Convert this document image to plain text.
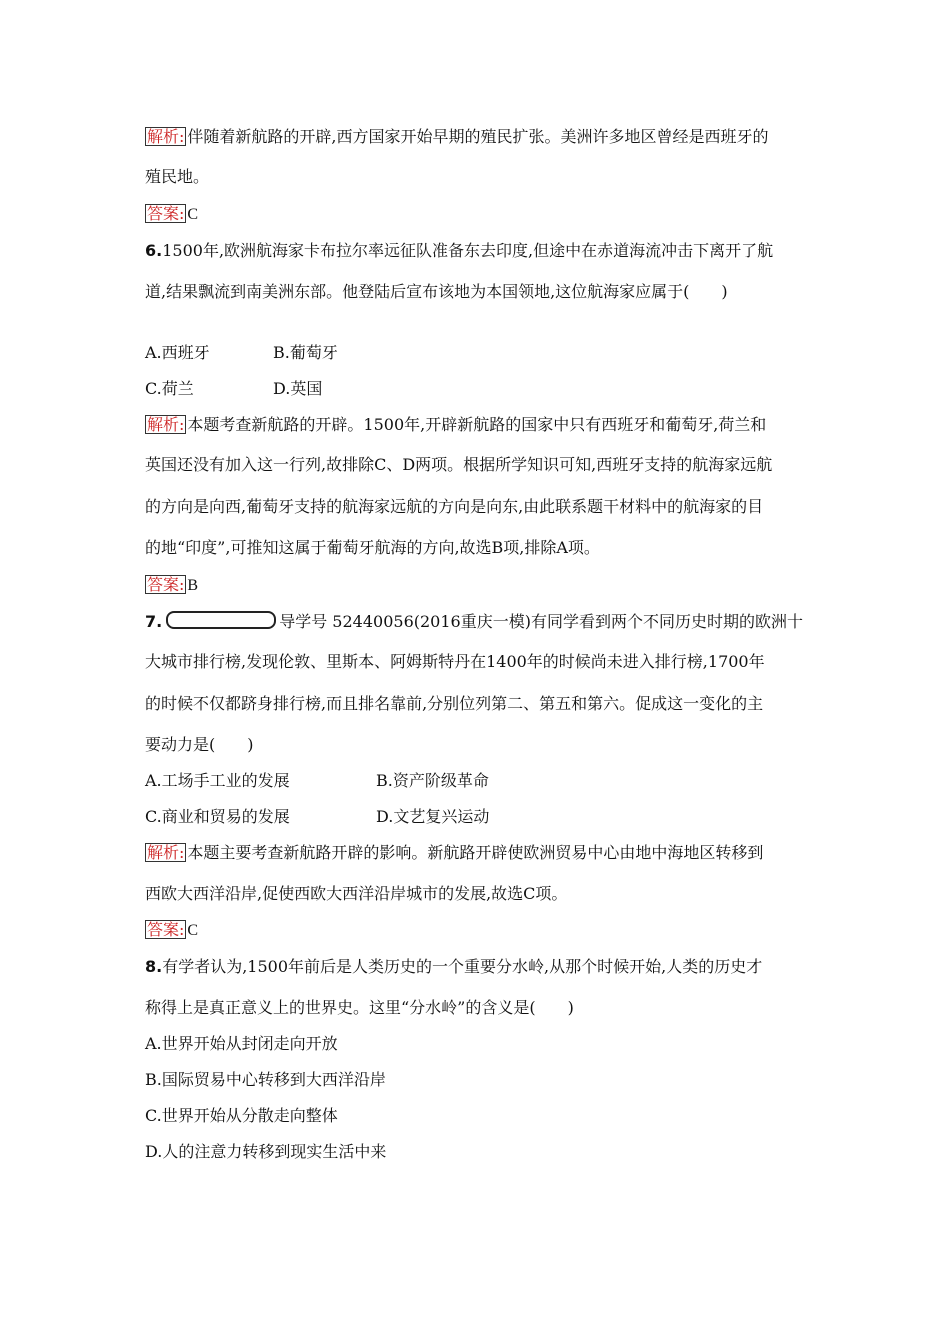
解析: 伴随着新航路的开辟,西方国家开始早期的殖民扩张。美洲许多地区曾经是西班牙的
殖民地。
答案: C
6.1500年,欧洲航海家卡布拉尔率远征队准备东去印度,但途中在赤道海流冲击下离开了航
道,结果飘流到南美洲东部。他登陆后宣布该地为本国领地,这位航海家应属于(　　)
A.西班牙	B.葡萄牙
C.荷兰	D.英国
解析: 本题考查新航路的开辟。1500年,开辟新航路的国家中只有西班牙和葡萄牙,荷兰和
英国还没有加入这一行列,故排除C、D两项。根据所学知识可知,西班牙支持的航海家远航
的方向是向西,葡萄牙支持的航海家远航的方向是向东,由此联系题干材料中的航海家的目
的地“印度”,可推知这属于葡萄牙航海的方向,故选B项,排除A项。
答案: B
7.	导学号 52440056(2016重庆一模)有同学看到两个不同历史时期的欧洲十
大城市排行榜,发现伦敦、里斯本、阿姆斯特丹在1400年的时候尚未进入排行榜,1700年
的时候不仅都跻身排行榜,而且排名靠前,分别位列第二、第五和第六。促成这一变化的主
要动力是(　　)
A.工场手工业的发展	B.资产阶级革命
C.商业和贸易的发展	D.文艺复兴运动
解析: 本题主要考查新航路开辟的影响。新航路开辟使欧洲贸易中心由地中海地区转移到
西欧大西洋沿岸,促使西欧大西洋沿岸城市的发展,故选C项。
答案: C
8.有学者认为,1500年前后是人类历史的一个重要分水岭,从那个时候开始,人类的历史才
称得上是真正意义上的世界史。这里“分水岭”的含义是(　　)
A.世界开始从封闭走向开放
B.国际贸易中心转移到大西洋沿岸
C.世界开始从分散走向整体
D.人的注意力转移到现实生活中来
